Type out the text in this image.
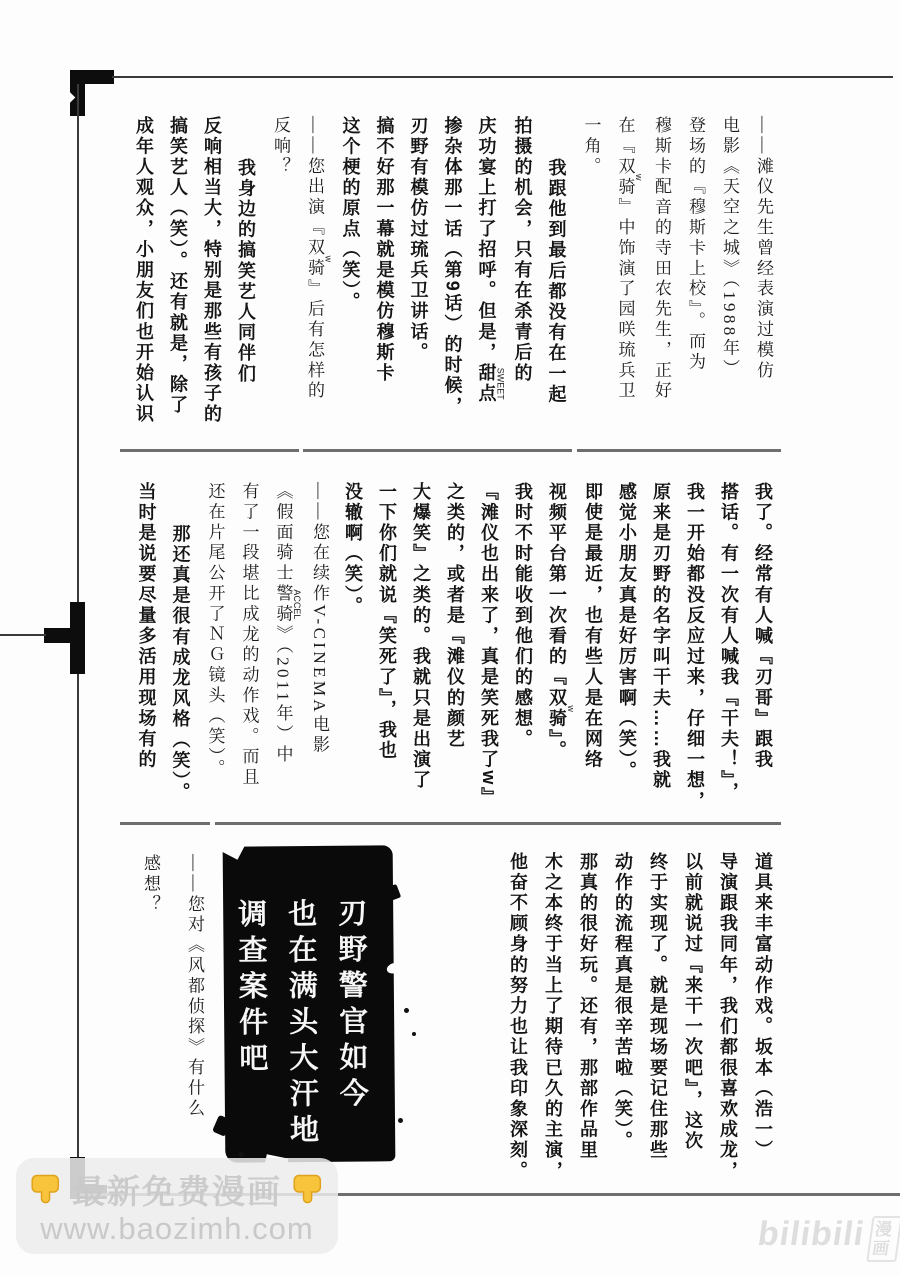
——滩仪先生曾经表演过模仿
电影《天空之城》（1988年）
登场的『穆斯卡上校』。而为
穆斯卡配音的寺田农先生，正好
在『双骑 w』中饰演了园咲琉兵卫
一角。
我跟他到最后都没有在一起
拍摄的机会，只有在杀青后的
庆功宴上打了招呼。但是，甜点 SWEET
掺杂体那一话（第9话）的时候，
刃野有模仿过琉兵卫讲话。
搞不好那一幕就是模仿穆斯卡
这个梗的原点（笑）。
——您出演『双骑 w』后有怎样的
反响？
我身边的搞笑艺人同伴们
反响相当大，特别是那些有孩子的
搞笑艺人（笑）。还有就是，除了
成年人观众，小朋友们也开始认识
我了。经常有人喊『刃哥』跟我
搭话。有一次有人喊我『干夫！』，
我一开始都没反应过来，仔细一想，
原来是刃野的名字叫干夫……我就
感觉小朋友真是好厉害啊（笑）。
即使是最近，也有些人是在网络
视频平台第一次看的『双骑 w』。
我时不时能收到他们的感想。
『滩仪也出来了，真是笑死我了w』
之类的，或者是『滩仪的颜艺
大爆笑』之类的。我就只是出演了
一下你们就说『笑死了』，我也
没辙啊（笑）。
——您在续作V-CINEMA电影
《假面骑士警骑 ACCEL》（2011年）中
有了一段堪比成龙的动作戏。而且
还在片尾公开了ＮＧ镜头（笑）。
那还真是很有成龙风格（笑）。
当时是说要尽量多活用现场有的
道具来丰富动作戏。坂本（浩一）
导演跟我同年，我们都很喜欢成龙，
以前就说过『来干一次吧』，这次
终于实现了。就是现场要记住那些
动作的流程真是很辛苦啦（笑）。
那真的很好玩。还有，那部作品里
木之本终于当上了期待已久的主演，
他奋不顾身的努力也让我印象深刻。
刃野警官如今
也在满头大汗地
调查案件吧
——您对《风都侦探》有什么
感想？
最新免费漫画
www.baozimh.com	bilibili 漫画
